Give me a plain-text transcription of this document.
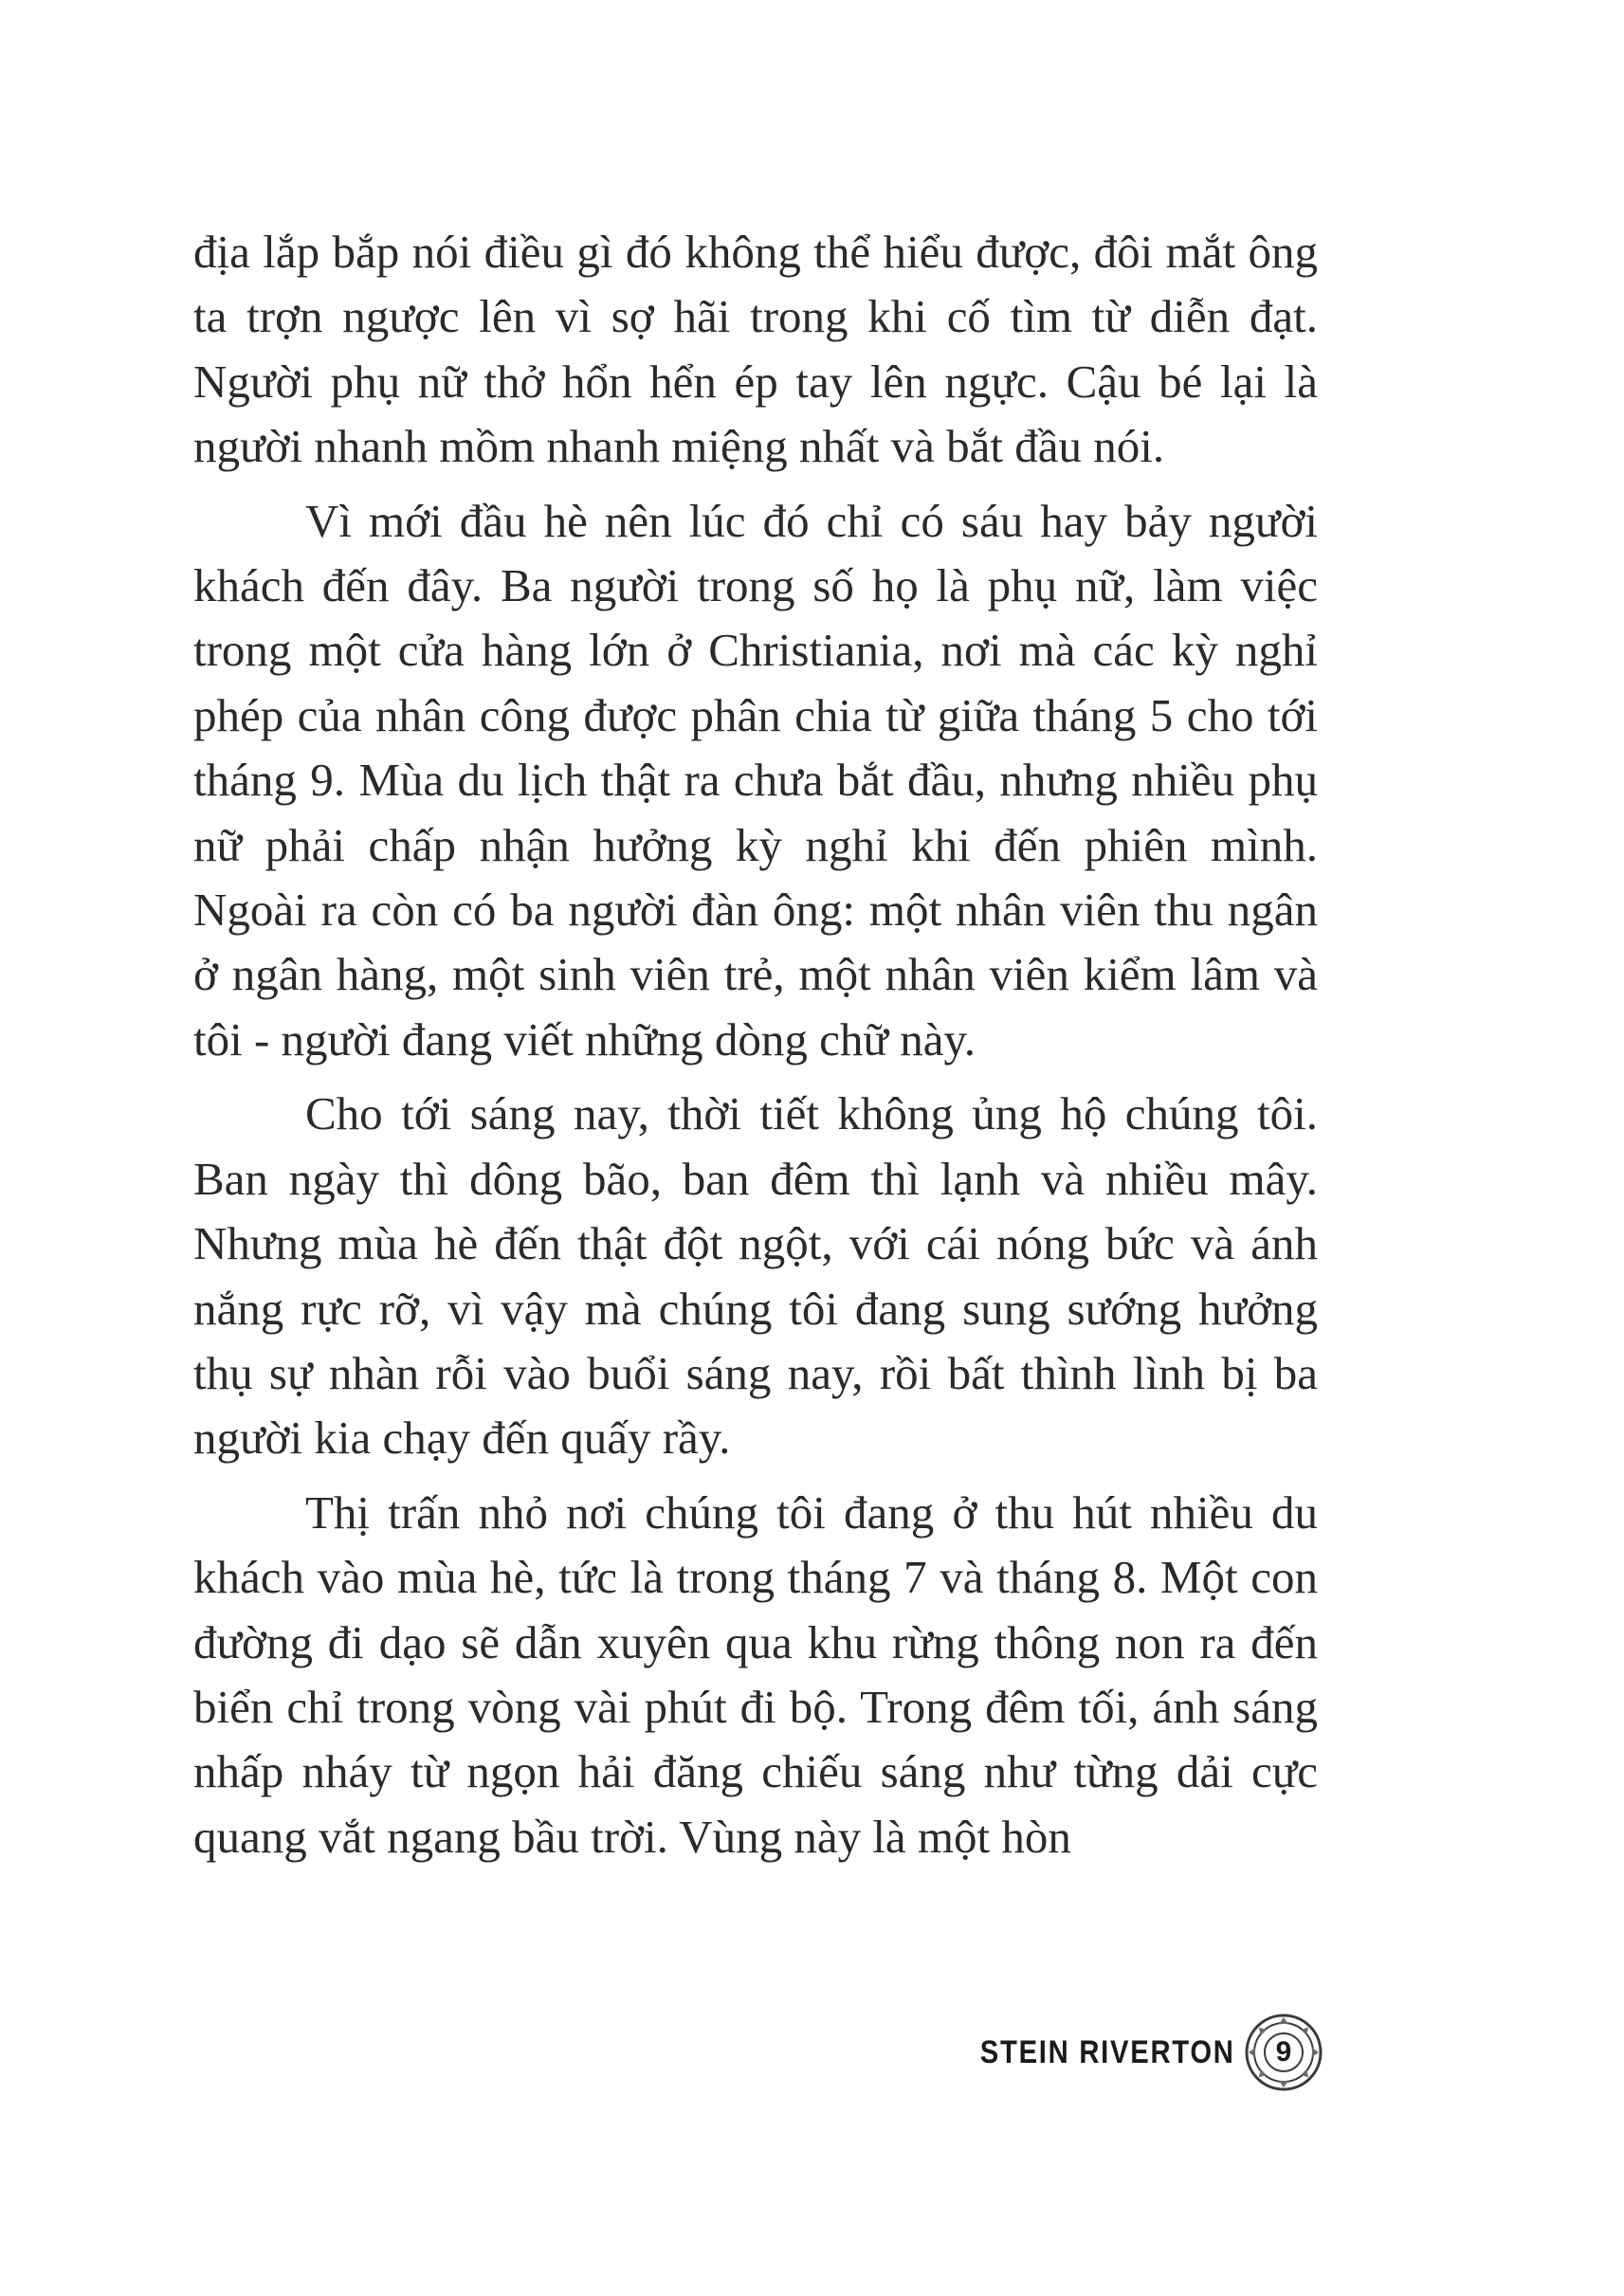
địa lắp bắp nói điều gì đó không thể hiểu được, đôi mắt ông ta trợn ngược lên vì sợ hãi trong khi cố tìm từ diễn đạt. Người phụ nữ thở hổn hển ép tay lên ngực. Cậu bé lại là người nhanh mồm nhanh miệng nhất và bắt đầu nói.

Vì mới đầu hè nên lúc đó chỉ có sáu hay bảy người khách đến đây. Ba người trong số họ là phụ nữ, làm việc trong một cửa hàng lớn ở Christiania, nơi mà các kỳ nghỉ phép của nhân công được phân chia từ giữa tháng 5 cho tới tháng 9. Mùa du lịch thật ra chưa bắt đầu, nhưng nhiều phụ nữ phải chấp nhận hưởng kỳ nghỉ khi đến phiên mình. Ngoài ra còn có ba người đàn ông: một nhân viên thu ngân ở ngân hàng, một sinh viên trẻ, một nhân viên kiểm lâm và tôi - người đang viết những dòng chữ này.

Cho tới sáng nay, thời tiết không ủng hộ chúng tôi. Ban ngày thì dông bão, ban đêm thì lạnh và nhiều mây. Nhưng mùa hè đến thật đột ngột, với cái nóng bức và ánh nắng rực rỡ, vì vậy mà chúng tôi đang sung sướng hưởng thụ sự nhàn rỗi vào buổi sáng nay, rồi bất thình lình bị ba người kia chạy đến quấy rầy.

Thị trấn nhỏ nơi chúng tôi đang ở thu hút nhiều du khách vào mùa hè, tức là trong tháng 7 và tháng 8. Một con đường đi dạo sẽ dẫn xuyên qua khu rừng thông non ra đến biển chỉ trong vòng vài phút đi bộ. Trong đêm tối, ánh sáng nhấp nháy từ ngọn hải đăng chiếu sáng như từng dải cực quang vắt ngang bầu trời. Vùng này là một hòn

STEIN RIVERTON	9
